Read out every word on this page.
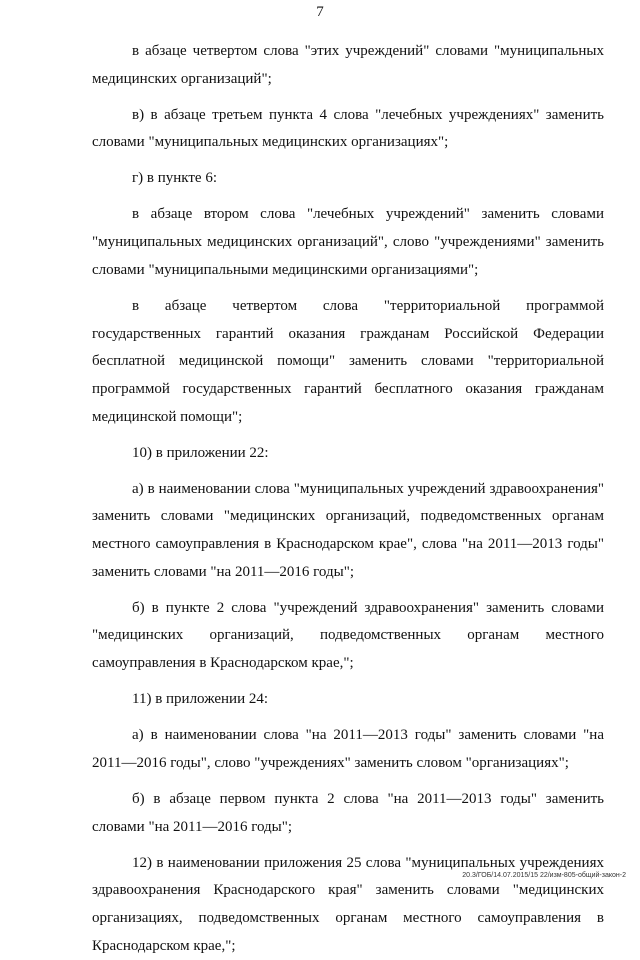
7

в абзаце четвертом слова "этих учреждений" словами "муниципальных медицинских организаций";

в) в абзаце третьем пункта 4 слова "лечебных учреждениях" заменить словами "муниципальных медицинских организациях";

г) в пункте 6:

в абзаце втором слова "лечебных учреждений" заменить словами "муниципальных медицинских организаций", слово "учреждениями" заменить словами "муниципальными медицинскими организациями";

в абзаце четвертом слова "территориальной программой государственных гарантий оказания гражданам Российской Федерации бесплатной медицинской помощи" заменить словами "территориальной программой государственных гарантий бесплатного оказания гражданам медицинской помощи";

10) в приложении 22:

а) в наименовании слова "муниципальных учреждений здравоохранения" заменить словами "медицинских организаций, подведомственных органам местного самоуправления в Краснодарском крае", слова "на 2011—2013 годы" заменить словами "на 2011—2016 годы";

б) в пункте 2 слова "учреждений здравоохранения" заменить словами "медицинских организаций, подведомственных органам местного самоуправления в Краснодарском крае,";

11) в приложении 24:

а) в наименовании слова "на 2011—2013 годы" заменить словами "на 2011—2016 годы", слово "учреждениях" заменить словом "организациях";

б) в абзаце первом пункта 2 слова "на 2011—2013 годы" заменить словами "на 2011—2016 годы";

12) в наименовании приложения 25 слова "муниципальных учреждениях здравоохранения Краснодарского края" заменить словами "медицинских организациях, подведомственных органам местного самоуправления в Краснодарском крае,";

20.3/ГОБ/14.07.2015/15 22/изм-805-общий-закон-2
